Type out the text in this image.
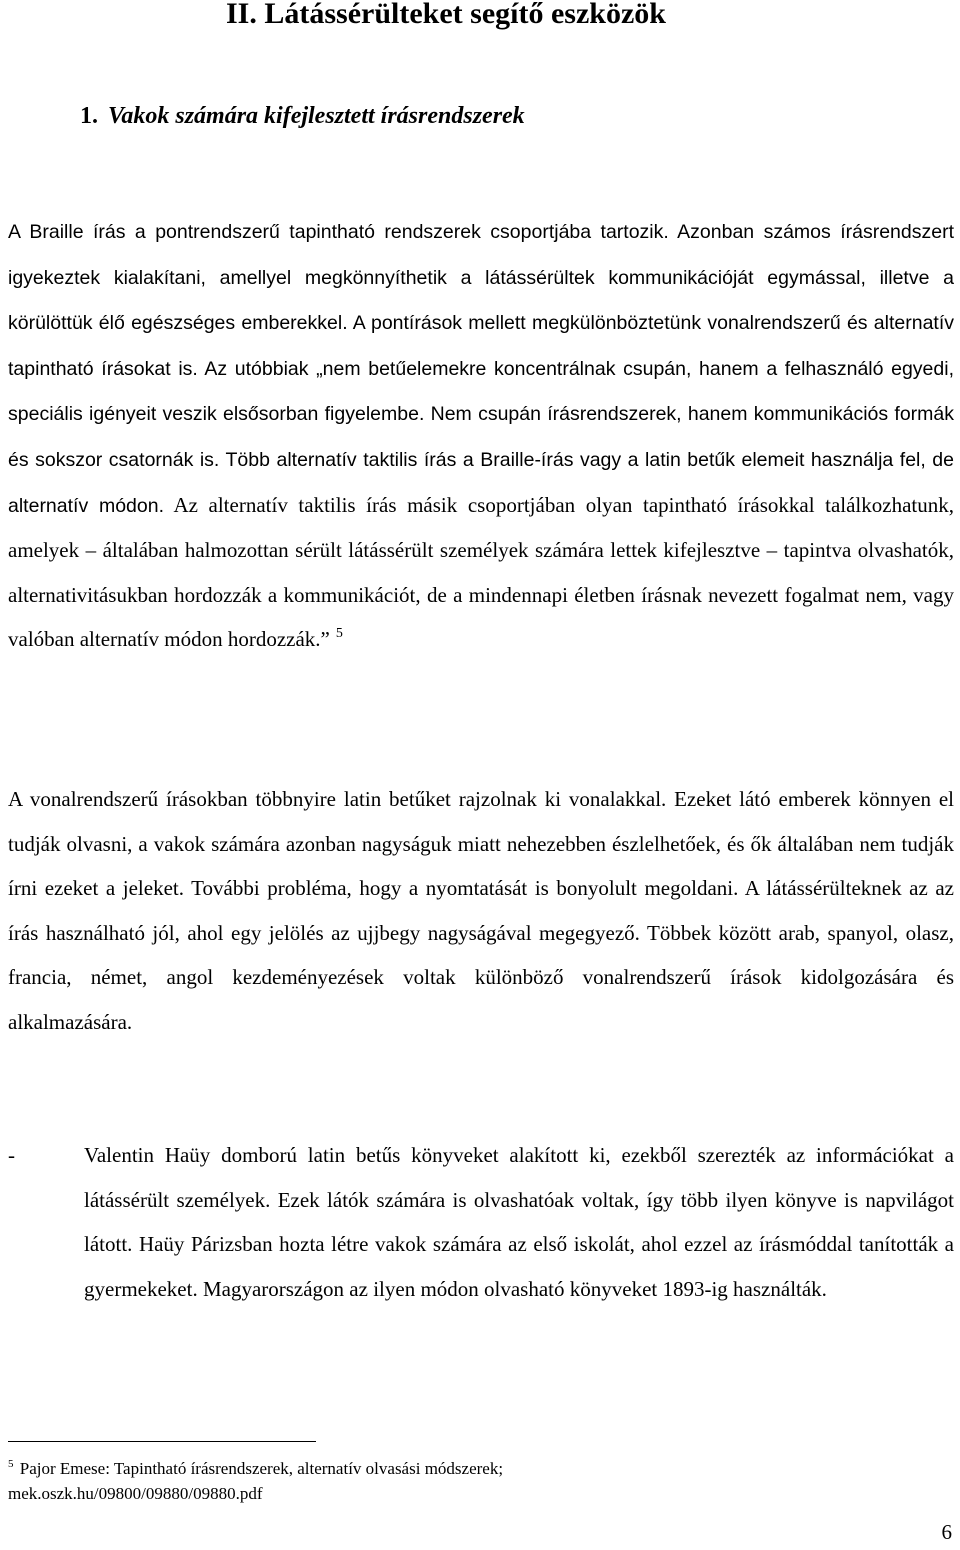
II. Látássérülteket segítő eszközök
1. Vakok számára kifejlesztett írásrendszerek

A Braille írás a pontrendszerű tapintható rendszerek csoportjába tartozik. Azonban számos írásrendszert igyekeztek kialakítani, amellyel megkönnyíthetik a látássérültek kommunikációját egymással, illetve a körülöttük élő egészséges emberekkel. A pontírások mellett megkülönböztetünk vonalrendszerű és alternatív tapintható írásokat is. Az utóbbiak „nem betűelemekre koncentrálnak csupán, hanem a felhasználó egyedi, speciális igényeit veszik elsősorban figyelembe. Nem csupán írásrendszerek, hanem kommunikációs formák és sokszor csatornák is. Több alternatív taktilis írás a Braille-írás vagy a latin betűk elemeit használja fel, de alternatív módon. Az alternatív taktilis írás másik csoportjában olyan tapintható írásokkal találkozhatunk, amelyek – általában halmozottan sérült látássérült személyek számára lettek kifejlesztve – tapintva olvashatók, alternativitásukban hordozzák a kommunikációt, de a mindennapi életben írásnak nevezett fogalmat nem, vagy valóban alternatív módon hordozzák.” $^5$

A vonalrendszerű írásokban többnyire latin betűket rajzolnak ki vonalakkal. Ezeket látó emberek könnyen el tudják olvasni, a vakok számára azonban nagyságuk miatt nehezebben észlelhetőek, és ők általában nem tudják írni ezeket a jeleket. További probléma, hogy a nyomtatását is bonyolult megoldani. A látássérülteknek az az írás használható jól, ahol egy jelölés az ujjbegy nagyságával megegyező. Többek között arab, spanyol, olasz, francia, német, angol kezdeményezések voltak különböző vonalrendszerű írások kidolgozására és alkalmazására.

-	Valentin Haüy domború latin betűs könyveket alakított ki, ezekből szerezték az információkat a látássérült személyek. Ezek látók számára is olvashatóak voltak, így több ilyen könyve is napvilágot látott. Haüy Párizsban hozta létre vakok számára az első iskolát, ahol ezzel az írásmóddal tanították a gyermekeket. Magyarországon az ilyen módon olvasható könyveket 1893-ig használták.

$^5$ Pajor Emese: Tapintható írásrendszerek, alternatív olvasási módszerek;
mek.oszk.hu/09800/09880/09880.pdf
6
